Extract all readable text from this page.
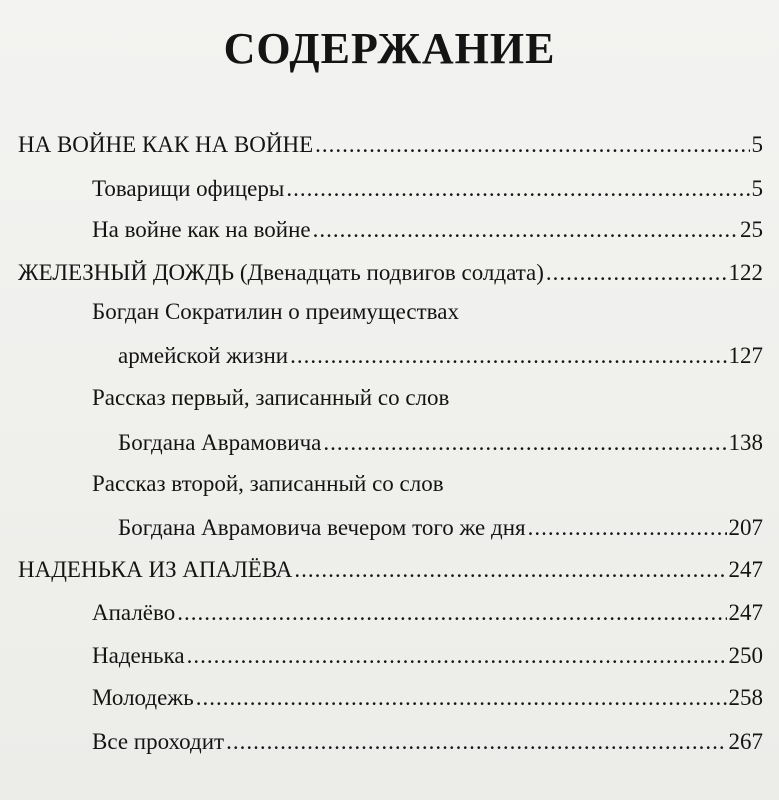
СОДЕРЖАНИЕ
НА ВОЙНЕ КАК НА ВОЙНЕ .....	5
Товарищи офицеры .....	5
На войне как на войне .....	25
ЖЕЛЕЗНЫЙ ДОЖДЬ (Двенадцать подвигов солдата) .....	122
Богдан Сократилин о преимуществах
армейской жизни .....	127
Рассказ первый, записанный со слов
Богдана Аврамовича .....	138
Рассказ второй, записанный со слов
Богдана Аврамовича вечером того же дня .....	207
НАДЕНЬКА ИЗ АПАЛЁВА .....	247
Апалёво .....	247
Наденька .....	250
Молодежь .....	258
Все проходит .....	267
